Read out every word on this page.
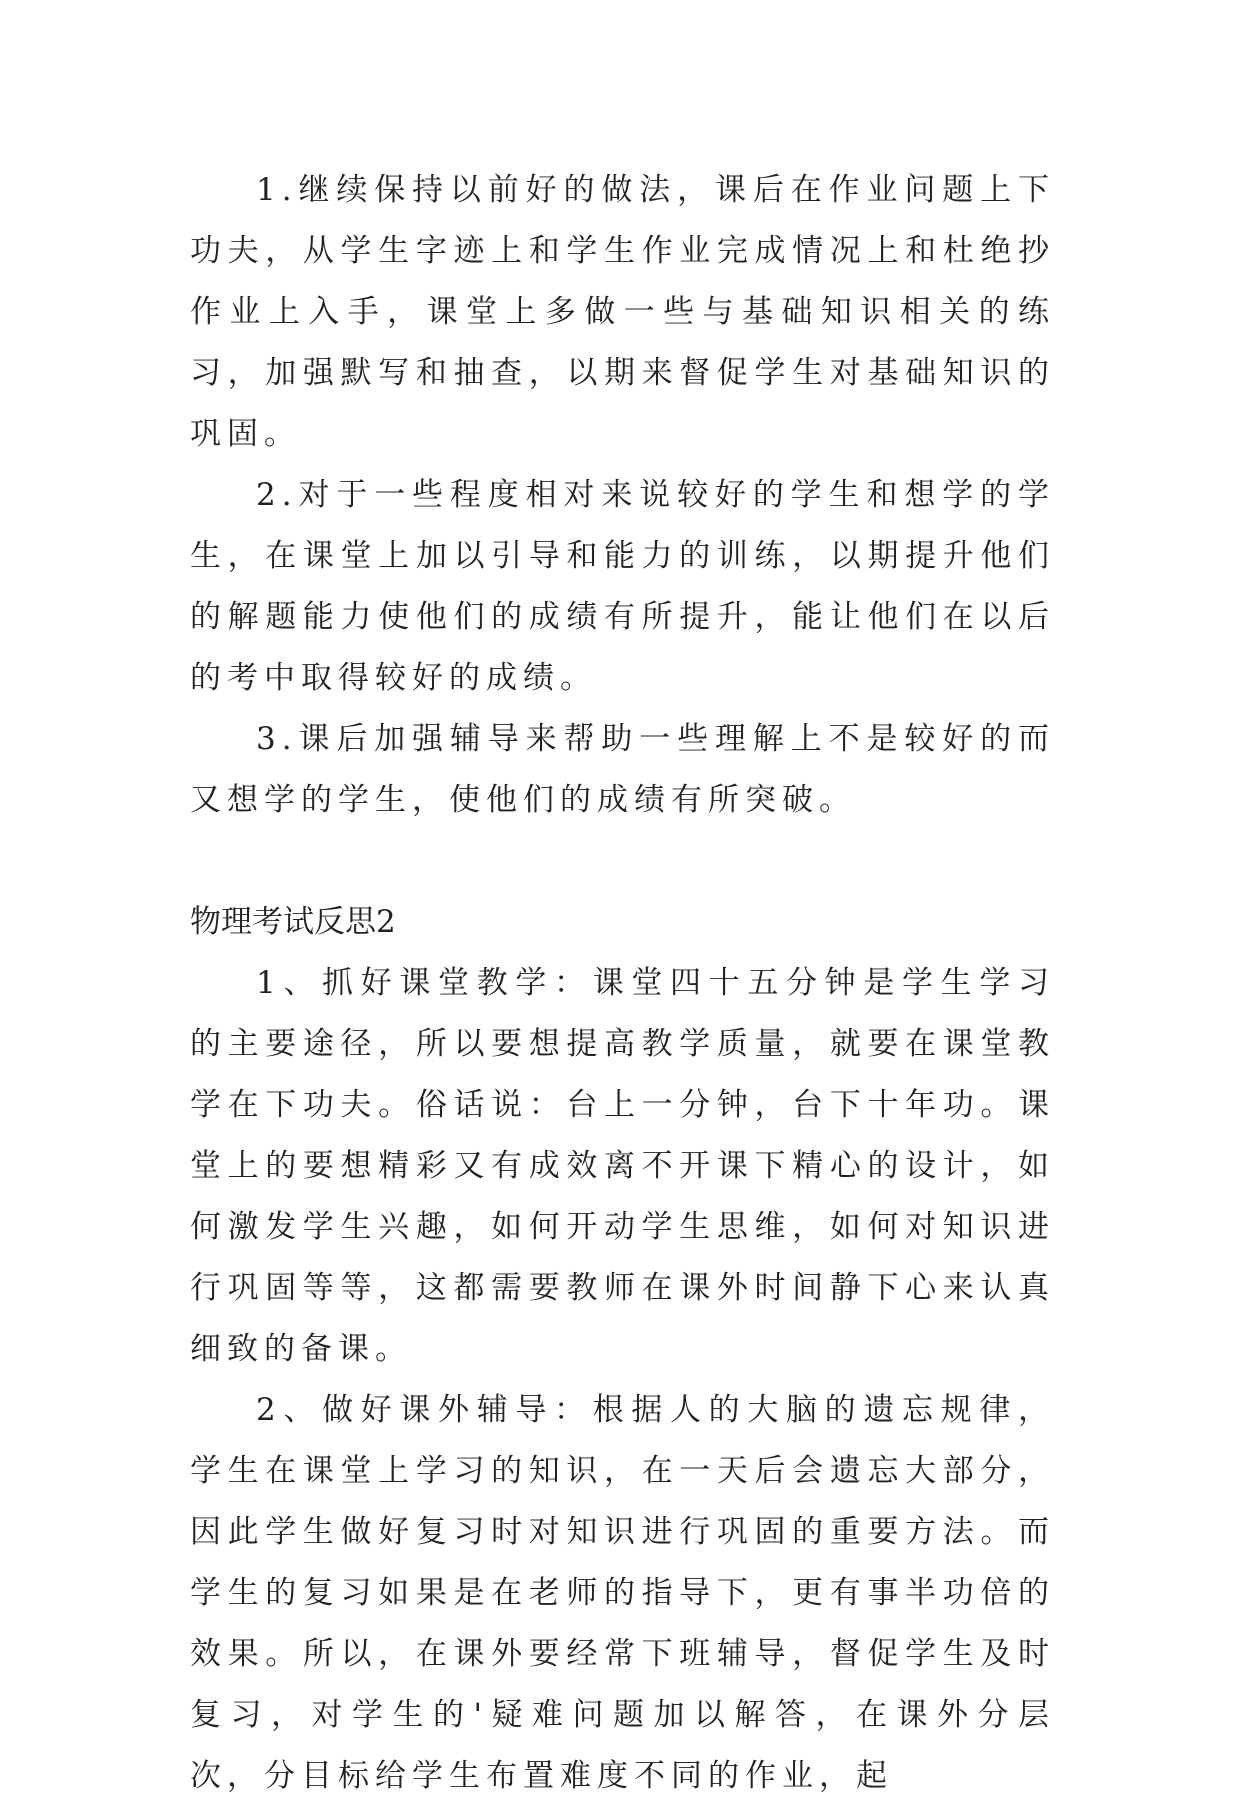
1.继续保持以前好的做法，课后在作业问题上下功夫，从学生字迹上和学生作业完成情况上和杜绝抄作业上入手，课堂上多做一些与基础知识相关的练习，加强默写和抽查，以期来督促学生对基础知识的巩固。

2.对于一些程度相对来说较好的学生和想学的学生，在课堂上加以引导和能力的训练，以期提升他们的解题能力使他们的成绩有所提升，能让他们在以后的考中取得较好的成绩。

3.课后加强辅导来帮助一些理解上不是较好的而又想学的学生，使他们的成绩有所突破。

物理考试反思2

1、抓好课堂教学：课堂四十五分钟是学生学习的主要途径，所以要想提高教学质量，就要在课堂教学在下功夫。俗话说：台上一分钟，台下十年功。课堂上的要想精彩又有成效离不开课下精心的设计，如何激发学生兴趣，如何开动学生思维，如何对知识进行巩固等等，这都需要教师在课外时间静下心来认真细致的备课。

2、做好课外辅导：根据人的大脑的遗忘规律，学生在课堂上学习的知识，在一天后会遗忘大部分，因此学生做好复习时对知识进行巩固的重要方法。而学生的复习如果是在老师的指导下，更有事半功倍的效果。所以，在课外要经常下班辅导，督促学生及时复习，对学生的'疑难问题加以解答，在课外分层次，分目标给学生布置难度不同的作业，起
